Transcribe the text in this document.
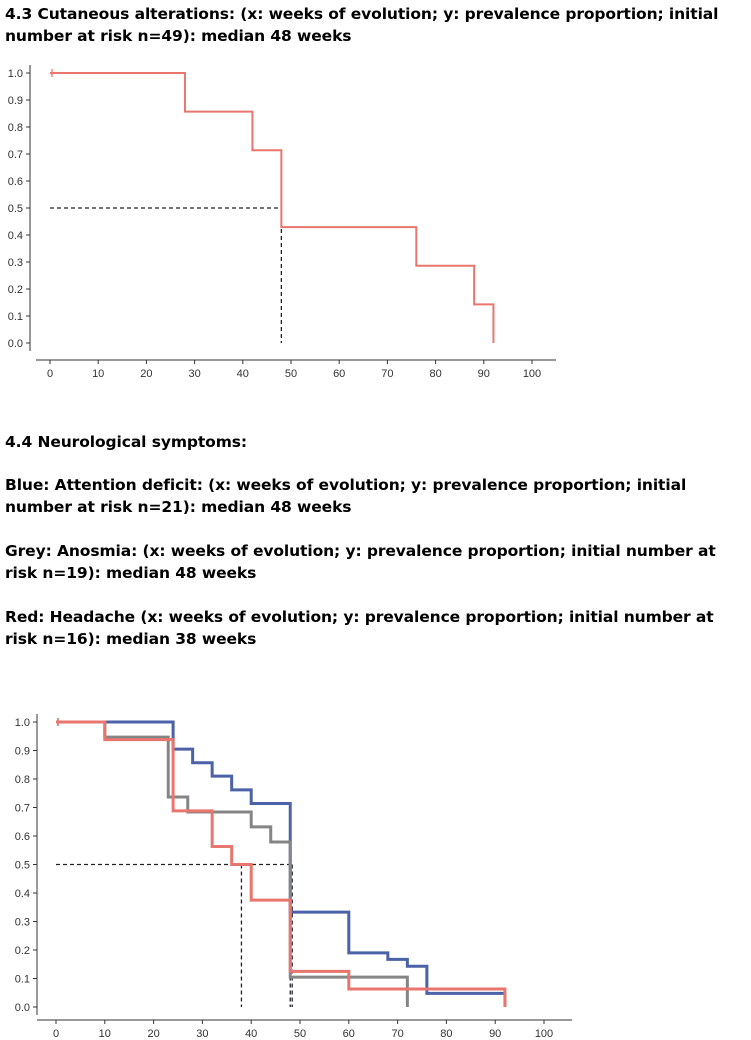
4.3 Cutaneous alterations: (x: weeks of evolution; y: prevalence proportion; initial number at risk n=49): median 48 weeks
0.0
0.1
0.2
0.3
0.4
0.5
0.6
0.7
0.8
0.9
1.0
0	10	20	30	40	50	60	70	80	90	100
4.4 Neurological symptoms:
Blue: Attention deficit: (x: weeks of evolution; y: prevalence proportion; initial number at risk n=21): median 48 weeks
Grey: Anosmia: (x: weeks of evolution; y: prevalence proportion; initial number at risk n=19): median 48 weeks
Red: Headache (x: weeks of evolution; y: prevalence proportion; initial number at risk n=16): median 38 weeks
0.0
0.1
0.2
0.3
0.4
0.5
0.6
0.7
0.8
0.9
1.0
0	10	20	30	40	50	60	70	80	90	100
